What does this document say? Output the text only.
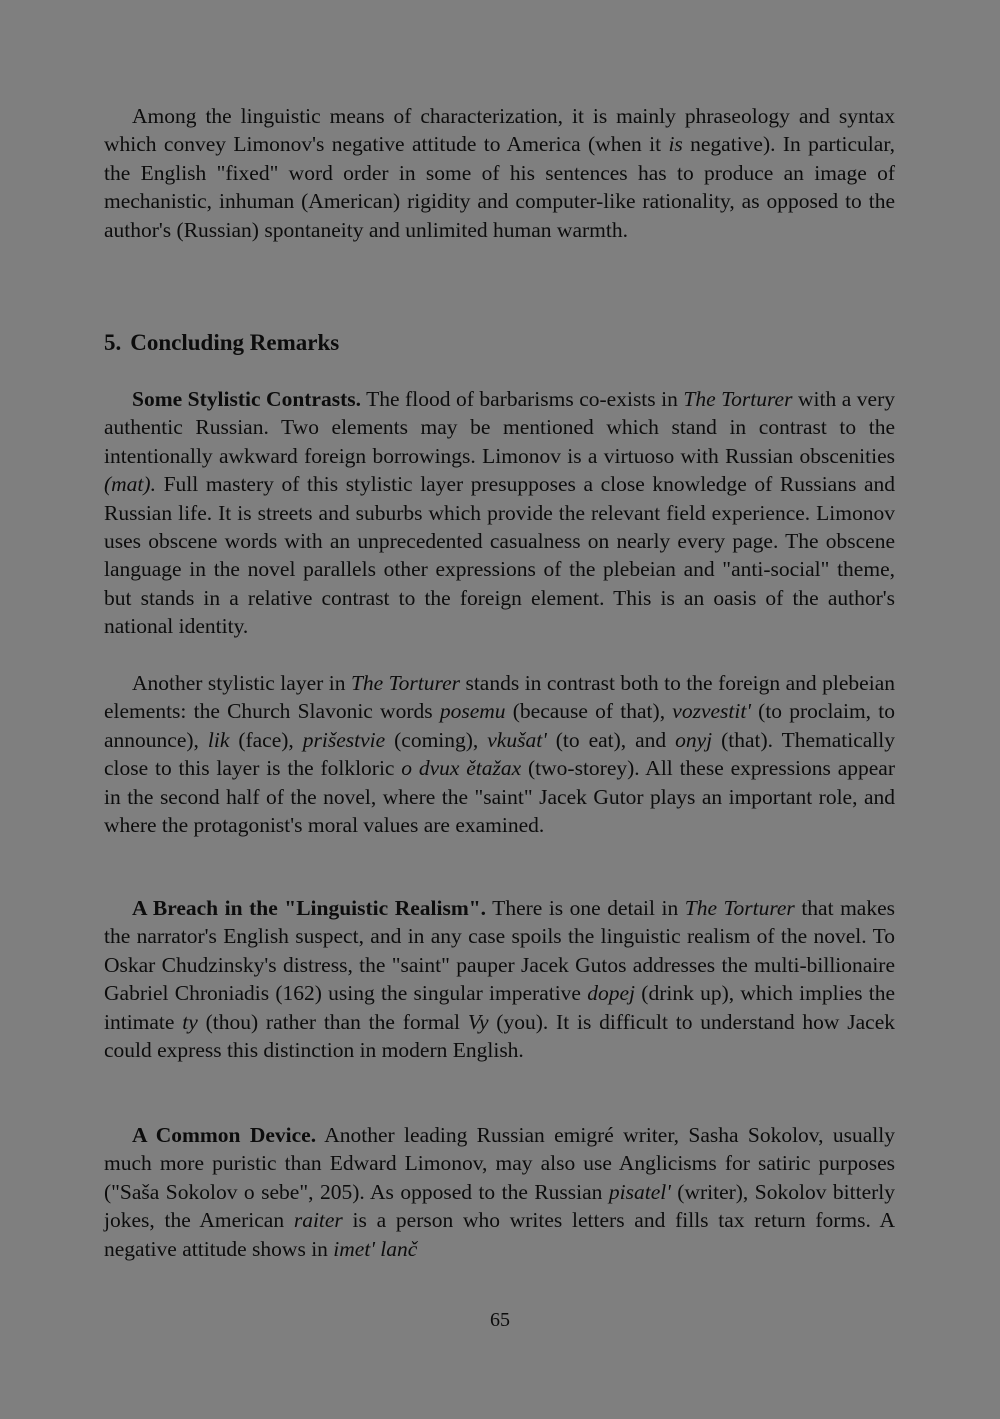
Among the linguistic means of characterization, it is mainly phraseology and syntax which convey Limonov's negative attitude to America (when it is negative). In particular, the English "fixed" word order in some of his sentences has to produce an image of mechanistic, inhuman (American) rigidity and computer-like rationality, as opposed to the author's (Russian) spontaneity and unlimited human warmth.

5. Concluding Remarks

Some Stylistic Contrasts. The flood of barbarisms co-exists in The Torturer with a very authentic Russian. Two elements may be mentioned which stand in contrast to the intentionally awkward foreign borrowings. Limonov is a virtuoso with Russian obscenities (mat). Full mastery of this stylistic layer presupposes a close knowledge of Russians and Russian life. It is streets and suburbs which provide the relevant field experience. Limonov uses obscene words with an unprecedented casualness on nearly every page. The obscene language in the novel parallels other expressions of the plebeian and "anti-social" theme, but stands in a relative contrast to the foreign element. This is an oasis of the author's national identity.

Another stylistic layer in The Torturer stands in contrast both to the foreign and plebeian elements: the Church Slavonic words posemu (because of that), vozvestit' (to proclaim, to announce), lik (face), prišestvie (coming), vkušat' (to eat), and onyj (that). Thematically close to this layer is the folkloric o dvux ětažax (two-storey). All these expressions appear in the second half of the novel, where the "saint" Jacek Gutor plays an important role, and where the protagonist's moral values are examined.

A Breach in the "Linguistic Realism". There is one detail in The Torturer that makes the narrator's English suspect, and in any case spoils the linguistic realism of the novel. To Oskar Chudzinsky's distress, the "saint" pauper Jacek Gutos addresses the multi-billionaire Gabriel Chroniadis (162) using the singular imperative dopej (drink up), which implies the intimate ty (thou) rather than the formal Vy (you). It is difficult to understand how Jacek could express this distinction in modern English.

A Common Device. Another leading Russian emigré writer, Sasha Sokolov, usually much more puristic than Edward Limonov, may also use Anglicisms for satiric purposes ("Saša Sokolov o sebe", 205). As opposed to the Russian pisatel' (writer), Sokolov bitterly jokes, the American raiter is a person who writes letters and fills tax return forms. A negative attitude shows in imet' lanč

65
